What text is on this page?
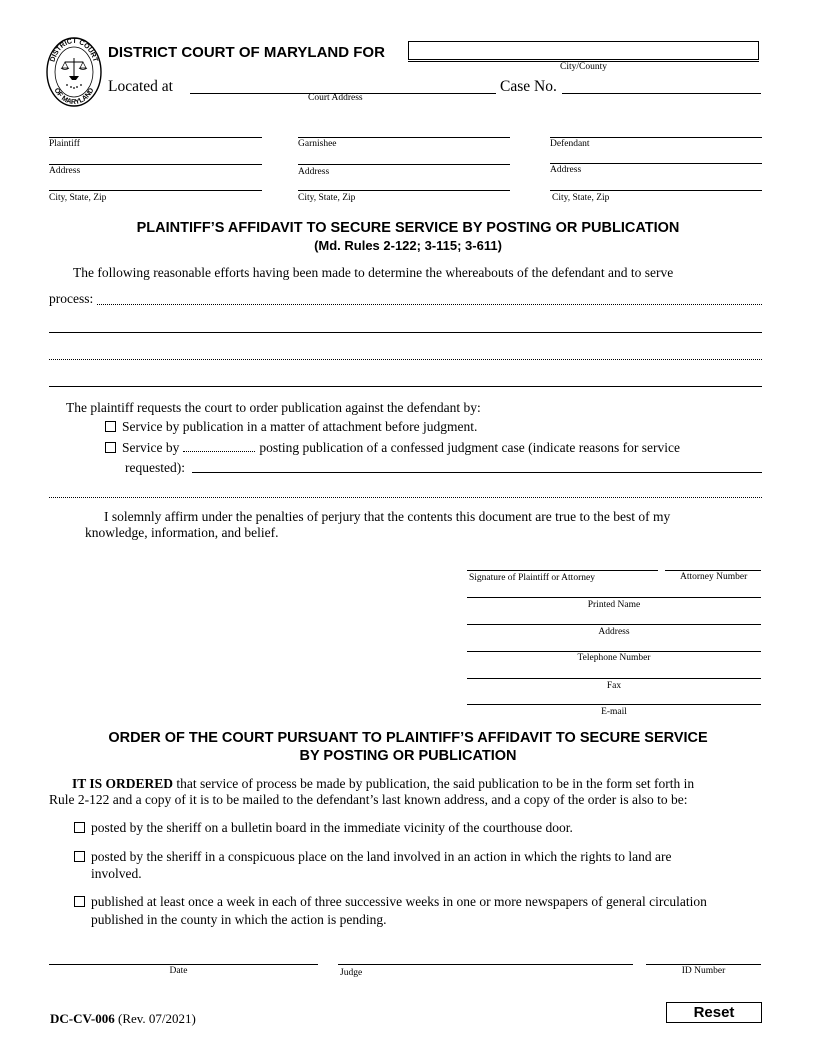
DISTRICT COURT
OF MARYLAND
DISTRICT COURT OF MARYLAND FOR
City/County
Located at
Court Address
Case No.
Plaintiff
Address
City, State, Zip
Garnishee
Address
City, State, Zip
Defendant
Address
City, State, Zip
PLAINTIFF’S AFFIDAVIT TO SECURE SERVICE BY POSTING OR PUBLICATION
(Md. Rules 2-122; 3-115; 3-611)
The following reasonable efforts having been made to determine the whereabouts of the defendant and to serve
process:
The plaintiff requests the court to order publication against the defendant by:
Service by publication in a matter of attachment before judgment.
Service by	posting publication of a confessed judgment case (indicate reasons for service
requested):
I solemnly affirm under the penalties of perjury that the contents this document are true to the best of my
knowledge, information, and belief.
Signature of Plaintiff or Attorney	Attorney Number
Printed Name
Address
Telephone Number
Fax
E-mail
ORDER OF THE COURT PURSUANT TO PLAINTIFF’S AFFIDAVIT TO SECURE SERVICE
BY POSTING OR PUBLICATION
IT IS ORDERED that service of process be made by publication, the said publication to be in the form set forth in
Rule 2-122 and a copy of it is to be mailed to the defendant’s last known address, and a copy of the order is also to be:
posted by the sheriff on a bulletin board in the immediate vicinity of the courthouse door.
posted by the sheriff in a conspicuous place on the land involved in an action in which the rights to land are
involved.
published at least once a week in each of three successive weeks in one or more newspapers of general circulation
published in the county in which the action is pending.
Date	Judge	ID Number
DC-CV-006 (Rev. 07/2021)	Reset
